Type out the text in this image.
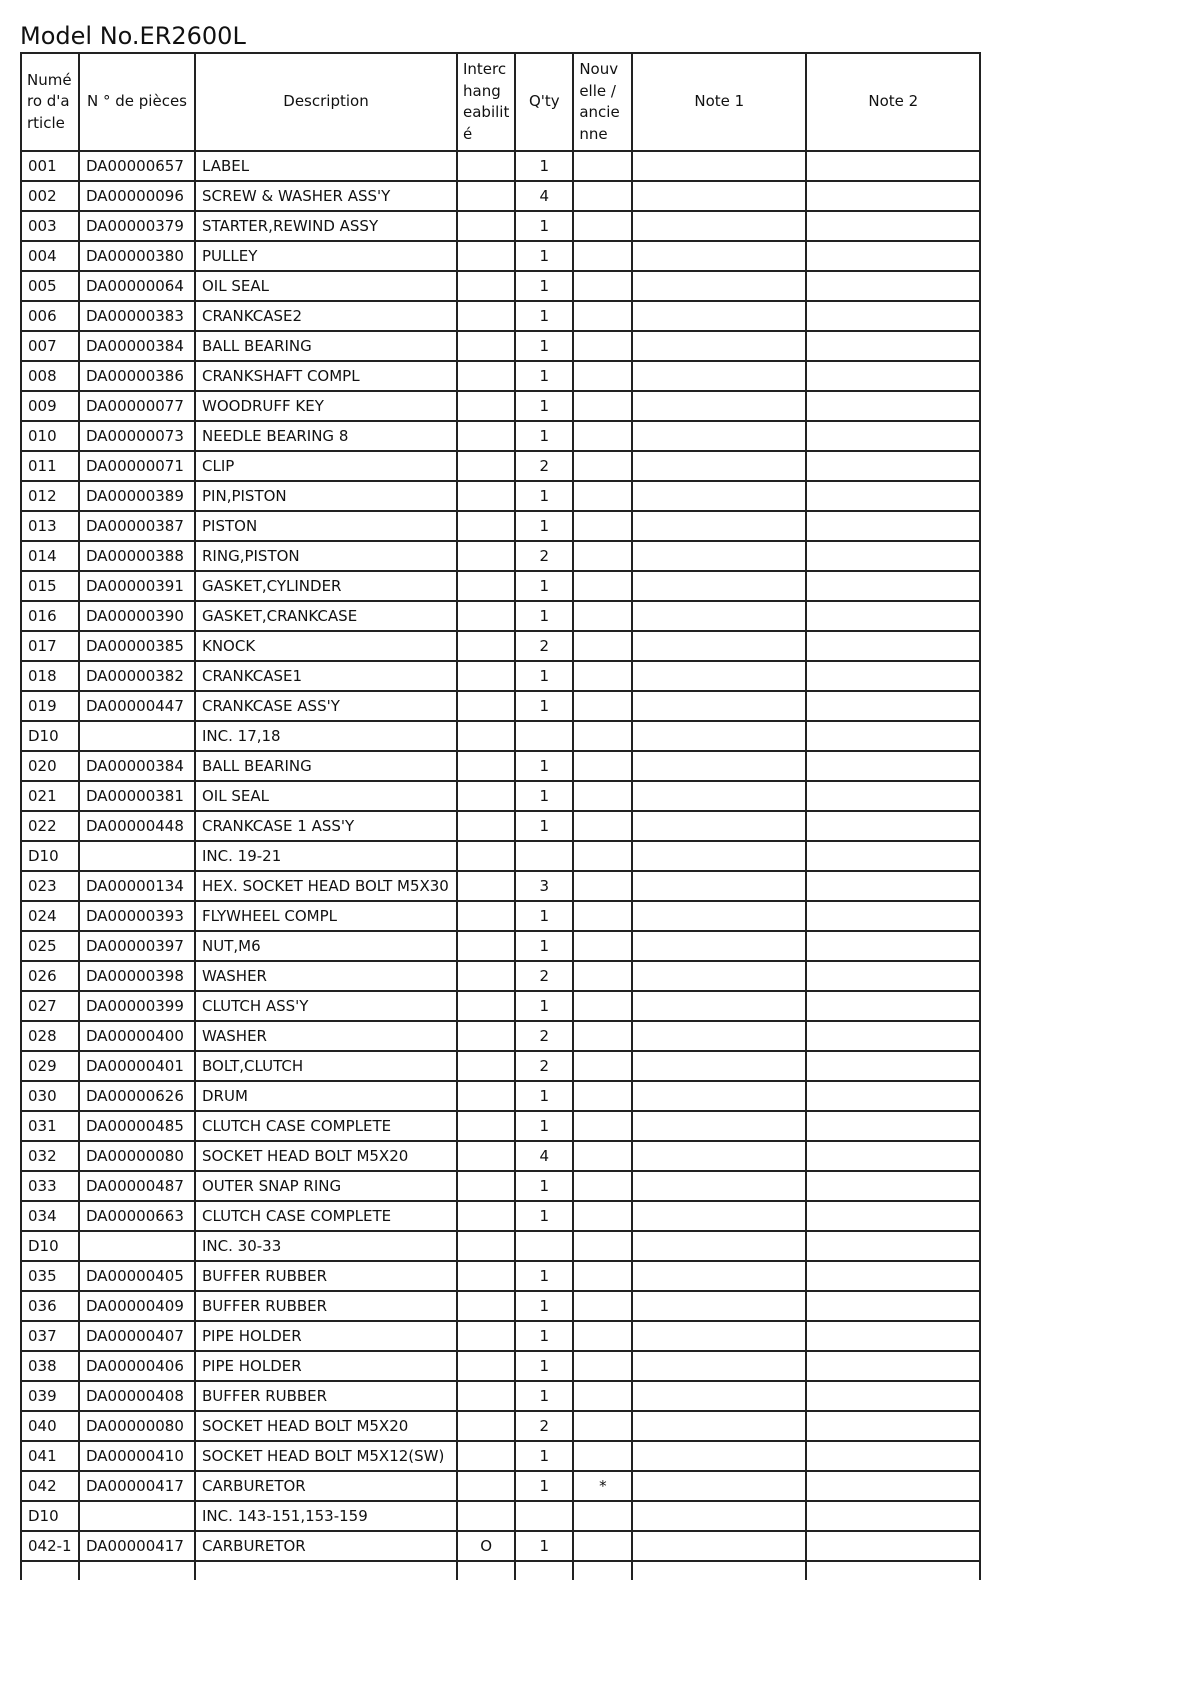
Model No.ER2600L
Numé ro d'a rticle	N ° de pièces	Description	Interc hang eabilit é	Q'ty	Nouv elle / ancie nne	Note 1	Note 2
001	DA00000657	LABEL		1			
002	DA00000096	SCREW & WASHER ASS'Y		4			
003	DA00000379	STARTER,REWIND ASSY		1			
004	DA00000380	PULLEY		1			
005	DA00000064	OIL SEAL		1			
006	DA00000383	CRANKCASE2		1			
007	DA00000384	BALL BEARING		1			
008	DA00000386	CRANKSHAFT COMPL		1			
009	DA00000077	WOODRUFF KEY		1			
010	DA00000073	NEEDLE BEARING 8		1			
011	DA00000071	CLIP		2			
012	DA00000389	PIN,PISTON		1			
013	DA00000387	PISTON		1			
014	DA00000388	RING,PISTON		2			
015	DA00000391	GASKET,CYLINDER		1			
016	DA00000390	GASKET,CRANKCASE		1			
017	DA00000385	KNOCK		2			
018	DA00000382	CRANKCASE1		1			
019	DA00000447	CRANKCASE ASS'Y		1			
D10		INC. 17,18					
020	DA00000384	BALL BEARING		1			
021	DA00000381	OIL SEAL		1			
022	DA00000448	CRANKCASE 1 ASS'Y		1			
D10		INC. 19-21					
023	DA00000134	HEX. SOCKET HEAD BOLT M5X30		3			
024	DA00000393	FLYWHEEL COMPL		1			
025	DA00000397	NUT,M6		1			
026	DA00000398	WASHER		2			
027	DA00000399	CLUTCH ASS'Y		1			
028	DA00000400	WASHER		2			
029	DA00000401	BOLT,CLUTCH		2			
030	DA00000626	DRUM		1			
031	DA00000485	CLUTCH CASE COMPLETE		1			
032	DA00000080	SOCKET HEAD BOLT M5X20		4			
033	DA00000487	OUTER SNAP RING		1			
034	DA00000663	CLUTCH CASE COMPLETE		1			
D10		INC. 30-33					
035	DA00000405	BUFFER RUBBER		1			
036	DA00000409	BUFFER RUBBER		1			
037	DA00000407	PIPE HOLDER		1			
038	DA00000406	PIPE HOLDER		1			
039	DA00000408	BUFFER RUBBER		1			
040	DA00000080	SOCKET HEAD BOLT M5X20		2			
041	DA00000410	SOCKET HEAD BOLT M5X12(SW)		1			
042	DA00000417	CARBURETOR		1	*		
D10		INC. 143-151,153-159					
042-1	DA00000417	CARBURETOR	O	1			
